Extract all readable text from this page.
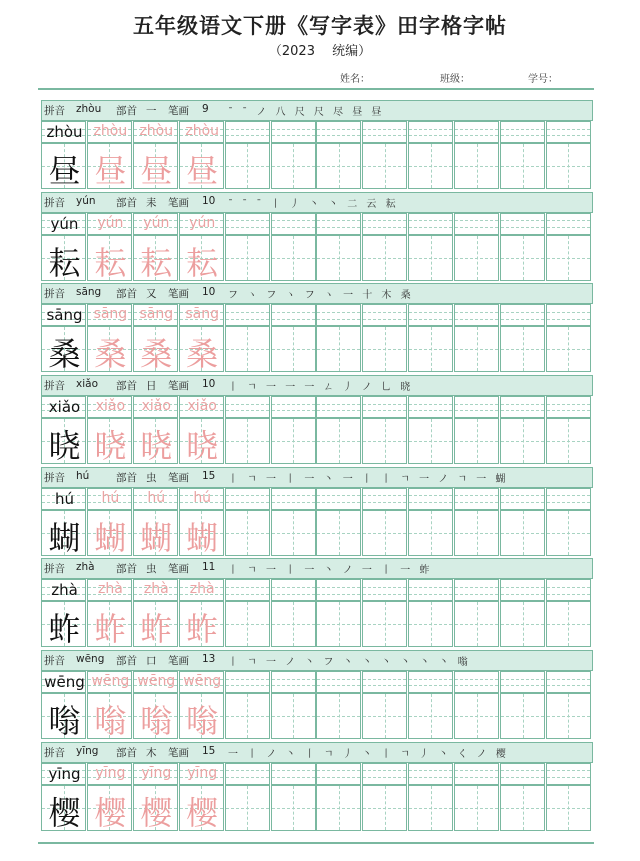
五年级语文下册《写字表》田字格字帖
（2023　 统编）
姓名：	班级：	学号：
拼音 zhòu 部首 一 笔画 9 ˉ ˉ ノ 八 尺 尺 尽 昼 昼
zhòu zhòu zhòu zhòu
昼 昼 昼 昼
拼音 yún 部首 耒 笔画 10 ˉ ˉ ˉ 丨 丿 丶 丶 二 云 耘
yún	yún	yún	yún
耘 耘 耘 耘
拼音 sāng 部首 又 笔画 10 フ ヽ フ ヽ フ ヽ 一 十 木 桑
sāng sāng sāng sāng
桑 桑 桑 桑
拼音 xiǎo 部首 日 笔画 10 丨 ㄱ 一 一 一 ㄥ 丿 ノ 乚 晓
xiǎo	xiǎo	xiǎo	xiǎo
晓 晓 晓 晓
拼音 hú	部首 虫 笔画 15 丨 ㄱ 一 丨 一 丶 一 丨 丨 ㄱ 一 ノ ㄱ 一 蝴
hú	hú	hú	hú
蝴 蝴 蝴 蝴
拼音 zhà 部首 虫 笔画 11 丨 ㄱ 一 丨 一 丶 ノ 一 丨 一 蚱
zhà	zhà	zhà	zhà
蚱 蚱 蚱 蚱
拼音 wēng 部首 口 笔画 13 丨 ㄱ 一 ノ 丶 フ 丶 丶 丶 丶 丶 丶 嗡
wēng wēng wēng wēng
嗡 嗡 嗡 嗡
拼音 yīng 部首 木 笔画 15 一 丨 ノ 丶 丨 ㄱ 丿 丶 丨 ㄱ 丿 丶 く ノ 樱
yīng	yīng	yīng	yīng
樱 樱 樱 樱
